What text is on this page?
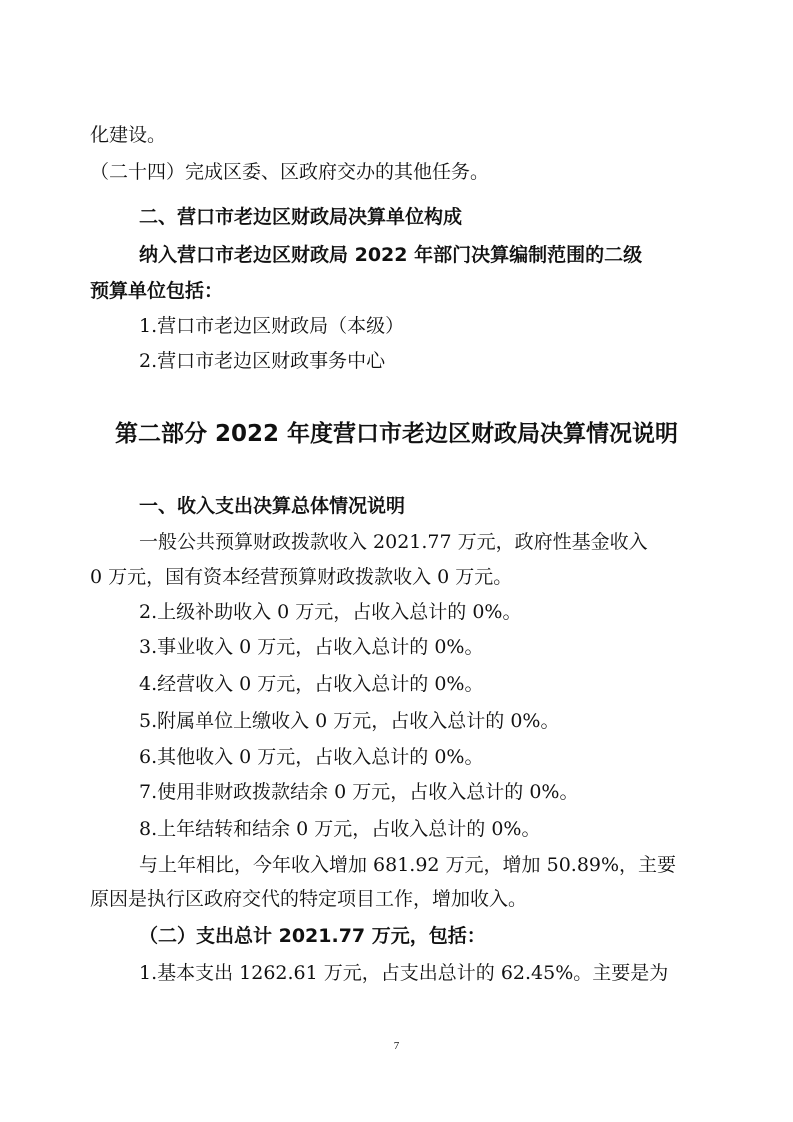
化建设。
（二十四）完成区委、区政府交办的其他任务。
二、营口市老边区财政局决算单位构成
纳入营口市老边区财政局 2022 年部门决算编制范围的二级
预算单位包括：
1.营口市老边区财政局（本级）
2.营口市老边区财政事务中心
第二部分 2022 年度营口市老边区财政局决算情况说明
一、收入支出决算总体情况说明
一般公共预算财政拨款收入 2021.77 万元，政府性基金收入
0 万元，国有资本经营预算财政拨款收入 0 万元。
2.上级补助收入 0 万元，占收入总计的 0%。
3.事业收入 0 万元，占收入总计的 0%。
4.经营收入 0 万元，占收入总计的 0%。
5.附属单位上缴收入 0 万元，占收入总计的 0%。
6.其他收入 0 万元，占收入总计的 0%。
7.使用非财政拨款结余 0 万元，占收入总计的 0%。
8.上年结转和结余 0 万元，占收入总计的 0%。
与上年相比，今年收入增加 681.92 万元，增加 50.89%，主要
原因是执行区政府交代的特定项目工作，增加收入。
（二）支出总计 2021.77 万元，包括：
1.基本支出 1262.61 万元，占支出总计的 62.45%。主要是为
7
